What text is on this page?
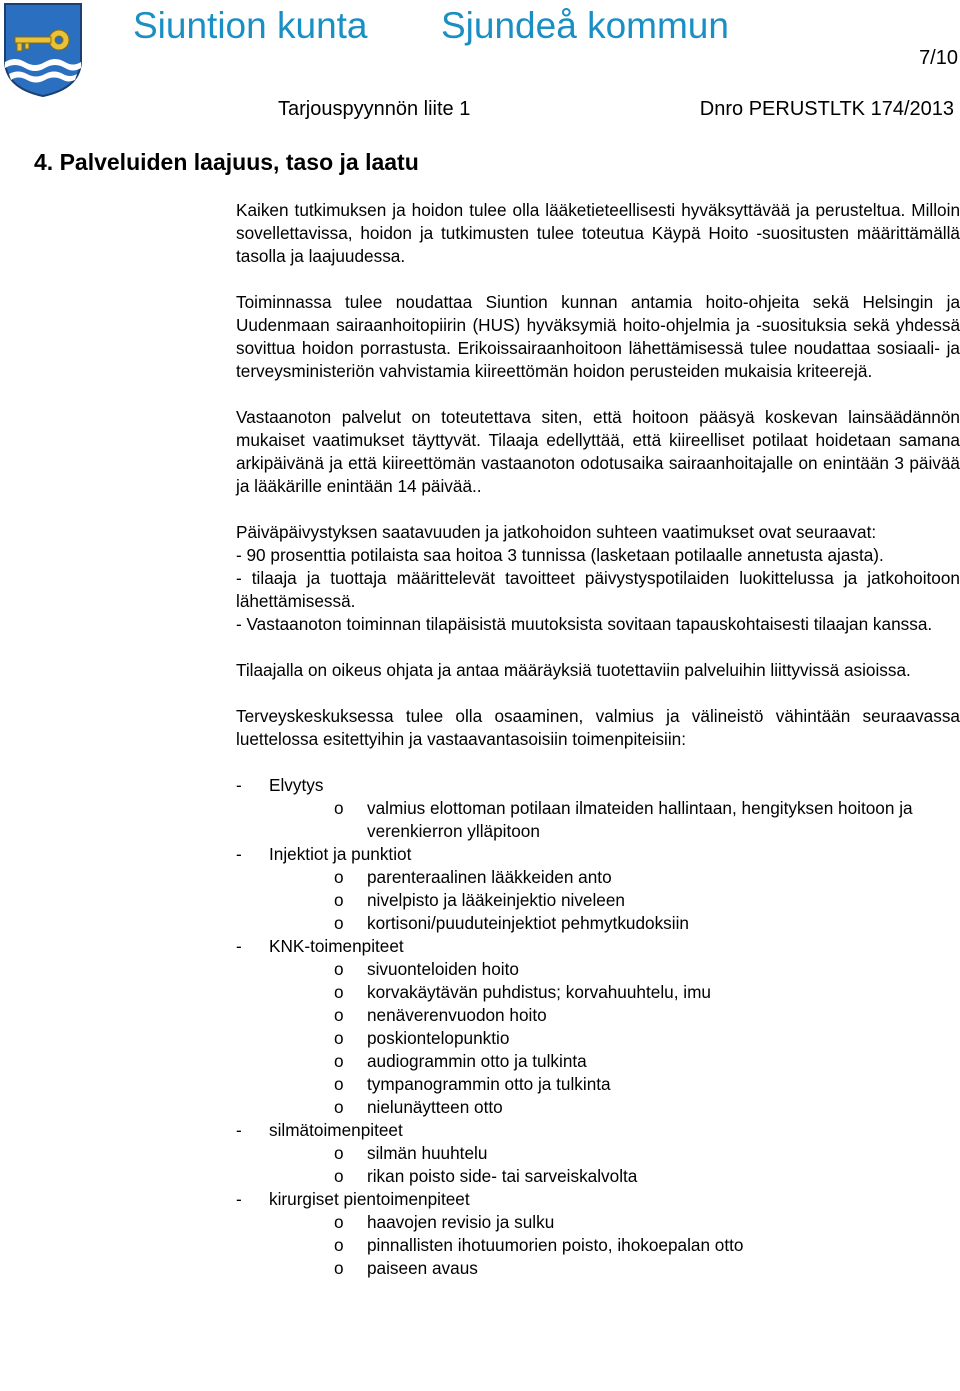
Siuntion kunta Sjundeå kommun
7/10
Tarjouspyynnön liite 1	Dnro PERUSTLTK 174/2013
4. Palveluiden laajuus, taso ja laatu

Kaiken tutkimuksen ja hoidon tulee olla lääketieteellisesti hyväksyttävää ja perusteltua. Milloin sovellettavissa, hoidon ja tutkimusten tulee toteutua Käypä Hoito -suositusten määrittämällä tasolla ja laajuudessa.

Toiminnassa tulee noudattaa Siuntion kunnan antamia hoito-ohjeita sekä Helsingin ja Uudenmaan sairaanhoitopiirin (HUS) hyväksymiä hoito-ohjelmia ja -suosituksia sekä yhdessä sovittua hoidon porrastusta. Erikoissairaanhoitoon lähettämisessä tulee noudattaa sosiaali- ja terveysministeriön vahvistamia kiireettömän hoidon perusteiden mukaisia kriteerejä.

Vastaanoton palvelut on toteutettava siten, että hoitoon pääsyä koskevan lainsäädännön mukaiset vaatimukset täyttyvät. Tilaaja edellyttää, että kiireelliset potilaat hoidetaan samana arkipäivänä ja että kiireettömän vastaanoton odotusaika sairaanhoitajalle on enintään 3 päivää ja lääkärille enintään 14 päivää..

Päiväpäivystyksen saatavuuden ja jatkohoidon suhteen vaatimukset ovat seuraavat:

- 90 prosenttia potilaista saa hoitoa 3 tunnissa (lasketaan potilaalle annetusta ajasta).

- tilaaja ja tuottaja määrittelevät tavoitteet päivystyspotilaiden luokittelussa ja jatkohoitoon lähettämisessä.

- Vastaanoton toiminnan tilapäisistä muutoksista sovitaan tapauskohtaisesti tilaajan kanssa.

Tilaajalla on oikeus ohjata ja antaa määräyksiä tuotettaviin palveluihin liittyvissä asioissa.

Terveyskeskuksessa tulee olla osaaminen, valmius ja välineistö vähintään seuraavassa luettelossa esitettyihin ja vastaavantasoisiin toimenpiteisiin:

- Elvytys
o valmius elottoman potilaan ilmateiden hallintaan, hengityksen hoitoon ja verenkierron ylläpitoon
- Injektiot ja punktiot
o parenteraalinen lääkkeiden anto
o nivelpisto ja lääkeinjektio niveleen
o kortisoni/puuduteinjektiot pehmytkudoksiin
- KNK-toimenpiteet
o sivuonteloiden hoito
o korvakäytävän puhdistus; korvahuuhtelu, imu
o nenäverenvuodon hoito
o poskiontelopunktio
o audiogrammin otto ja tulkinta
o tympanogrammin otto ja tulkinta
o nielunäytteen otto
- silmätoimenpiteet
o silmän huuhtelu
o rikan poisto side- tai sarveiskalvolta
- kirurgiset pientoimenpiteet
o haavojen revisio ja sulku
o pinnallisten ihotuumorien poisto, ihokoepalan otto
o paiseen avaus
